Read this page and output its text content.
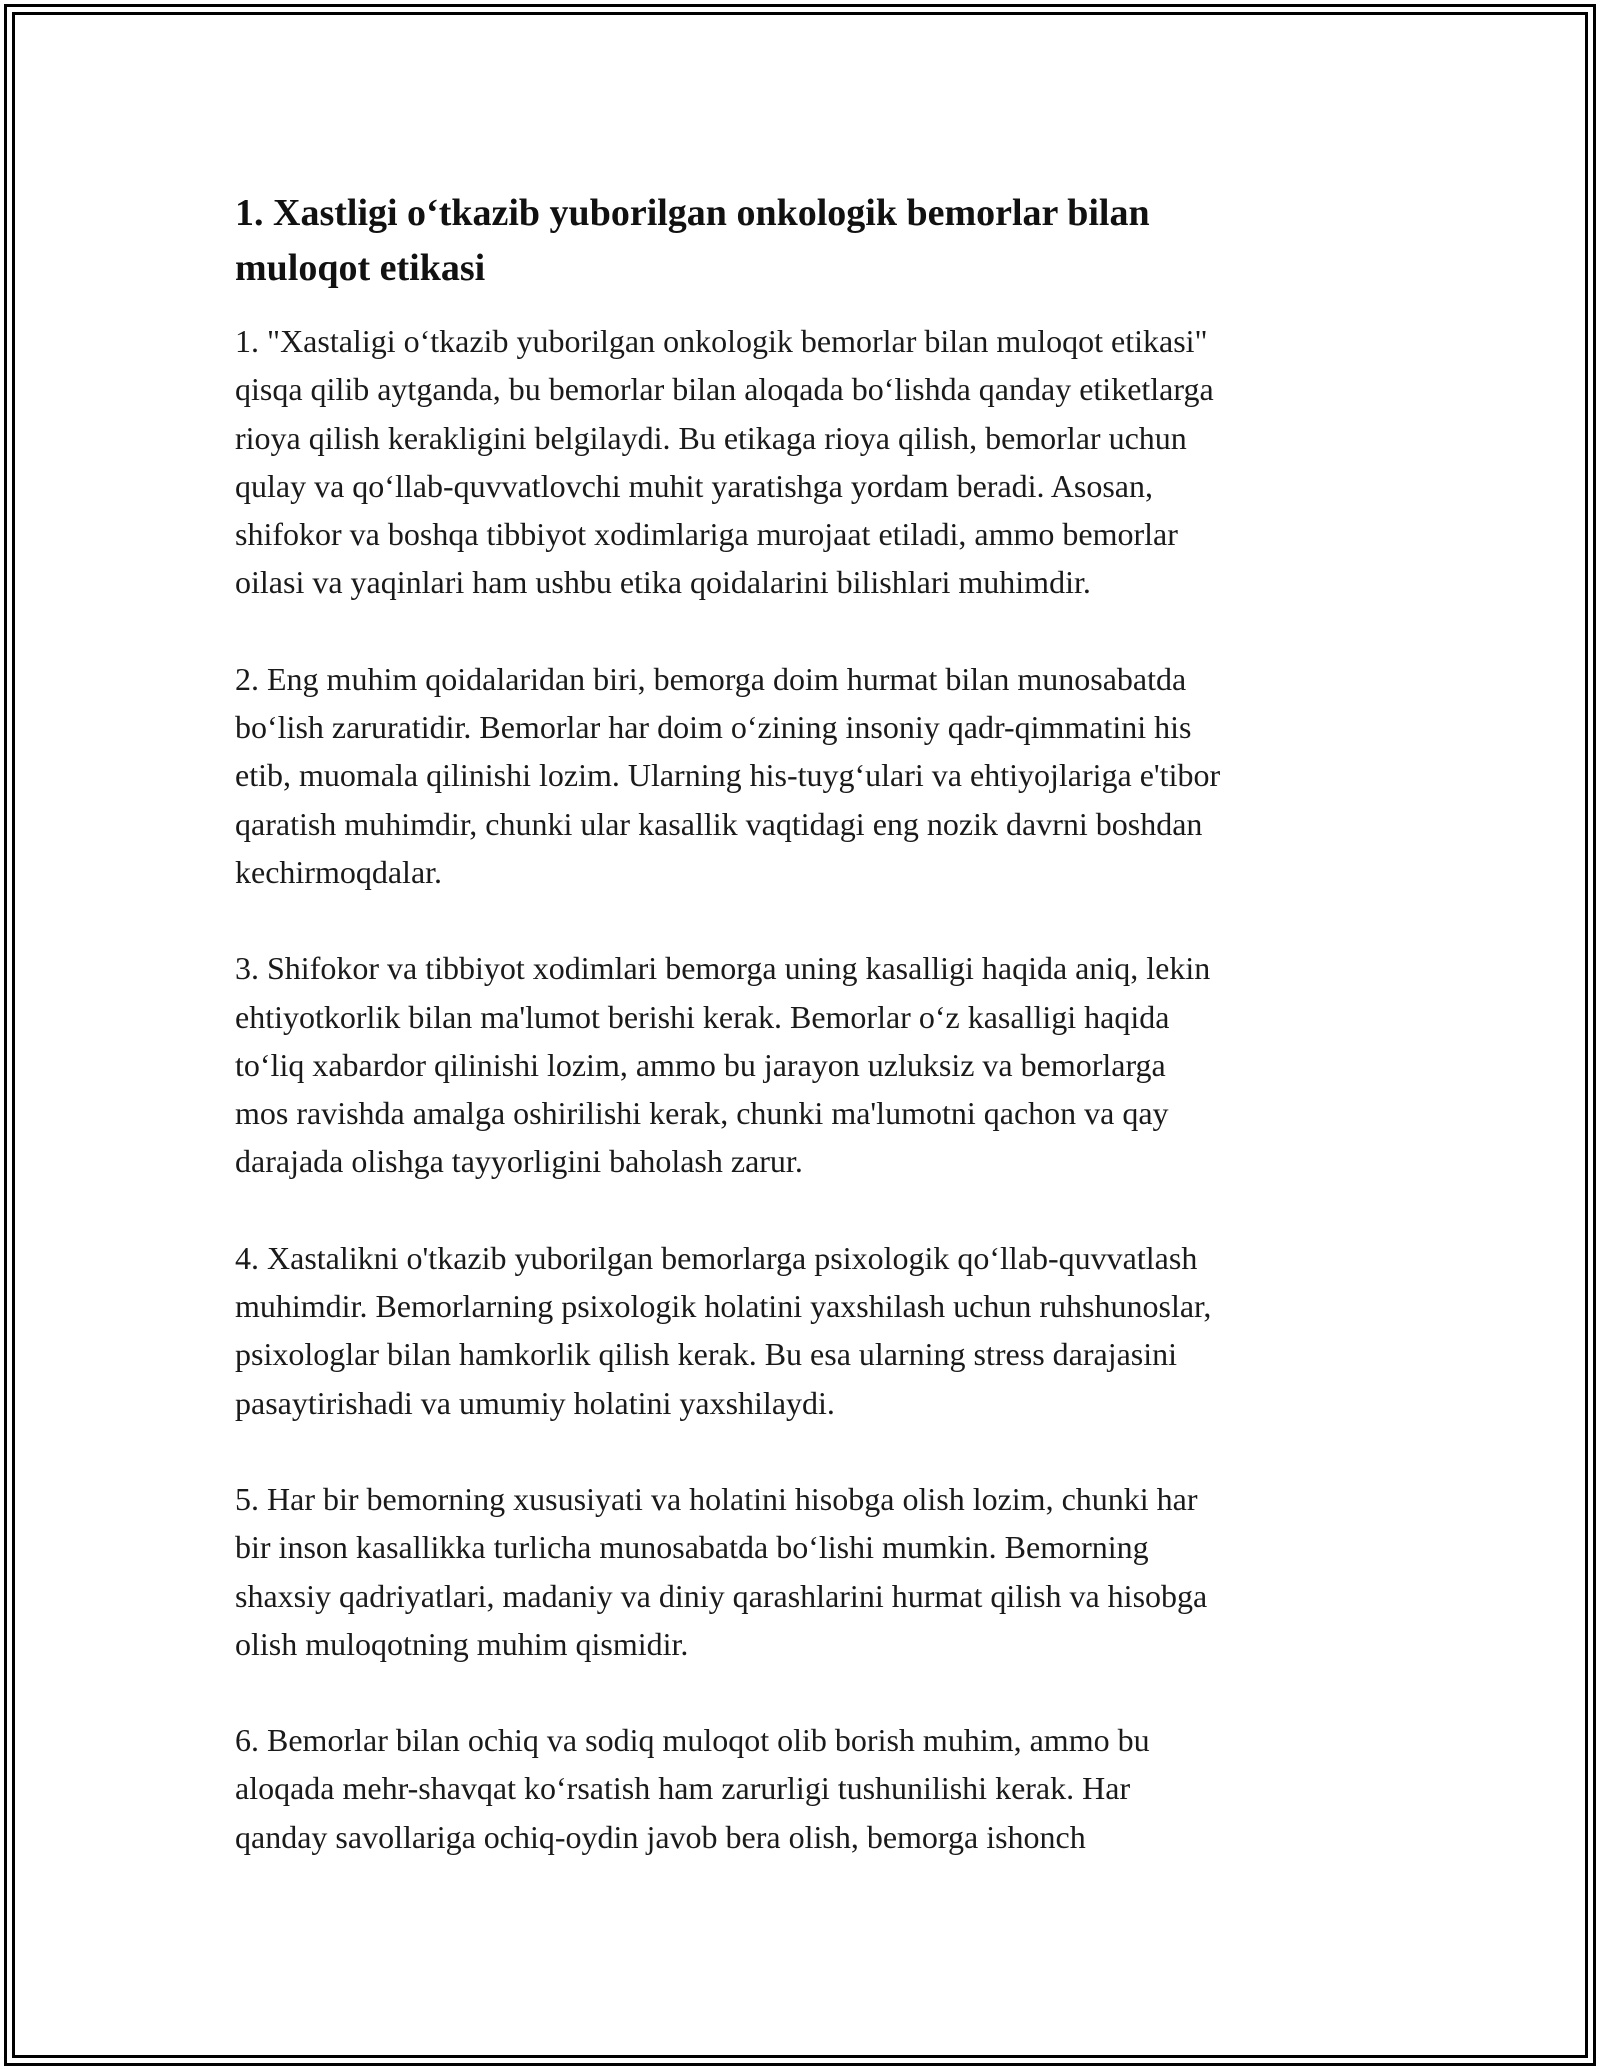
1. Xastligi o‘tkazib yuborilgan onkologik bemorlar bilan
muloqot etikasi

1. "Xastaligi o‘tkazib yuborilgan onkologik bemorlar bilan muloqot etikasi"
qisqa qilib aytganda, bu bemorlar bilan aloqada bo‘lishda qanday etiketlarga
rioya qilish kerakligini belgilaydi. Bu etikaga rioya qilish, bemorlar uchun
qulay va qo‘llab-quvvatlovchi muhit yaratishga yordam beradi. Asosan,
shifokor va boshqa tibbiyot xodimlariga murojaat etiladi, ammo bemorlar
oilasi va yaqinlari ham ushbu etika qoidalarini bilishlari muhimdir.

2. Eng muhim qoidalaridan biri, bemorga doim hurmat bilan munosabatda
bo‘lish zaruratidir. Bemorlar har doim o‘zining insoniy qadr-qimmatini his
etib, muomala qilinishi lozim. Ularning his-tuyg‘ulari va ehtiyojlariga e'tibor
qaratish muhimdir, chunki ular kasallik vaqtidagi eng nozik davrni boshdan
kechirmoqdalar.

3. Shifokor va tibbiyot xodimlari bemorga uning kasalligi haqida aniq, lekin
ehtiyotkorlik bilan ma'lumot berishi kerak. Bemorlar o‘z kasalligi haqida
to‘liq xabardor qilinishi lozim, ammo bu jarayon uzluksiz va bemorlarga
mos ravishda amalga oshirilishi kerak, chunki ma'lumotni qachon va qay
darajada olishga tayyorligini baholash zarur.

4. Xastalikni o'tkazib yuborilgan bemorlarga psixologik qo‘llab-quvvatlash
muhimdir. Bemorlarning psixologik holatini yaxshilash uchun ruhshunoslar,
psixologlar bilan hamkorlik qilish kerak. Bu esa ularning stress darajasini
pasaytirishadi va umumiy holatini yaxshilaydi.

5. Har bir bemorning xususiyati va holatini hisobga olish lozim, chunki har
bir inson kasallikka turlicha munosabatda bo‘lishi mumkin. Bemorning
shaxsiy qadriyatlari, madaniy va diniy qarashlarini hurmat qilish va hisobga
olish muloqotning muhim qismidir.

6. Bemorlar bilan ochiq va sodiq muloqot olib borish muhim, ammo bu
aloqada mehr-shavqat ko‘rsatish ham zarurligi tushunilishi kerak. Har
qanday savollariga ochiq-oydin javob bera olish, bemorga ishonch
